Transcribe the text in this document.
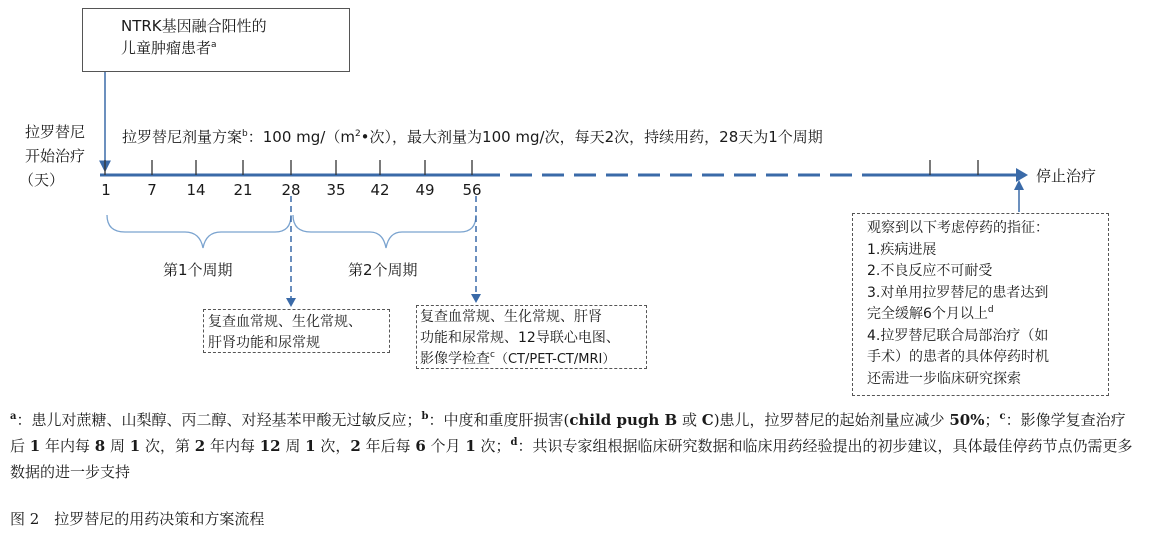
NTRK基因融合阳性的
儿童肿瘤患者$^a$
拉罗替尼
开始治疗
（天）
拉罗替尼剂量方案$^b$：100 $mg/(m^2•$次），最大剂量为100 mg/次，每天2次，持续用药，28天为1个周期
1	7	14	21	28	35	42	49	56
停止治疗
第1个周期	第2个周期
复查血常规、生化常规、
肝肾功能和尿常规
复查血常规、生化常规、肝肾
功能和尿常规、12导联心电图、
影像学检查$^c$（CT/PET-CT/MRI）
观察到以下考虑停药的指征：
1.疾病进展
2.不良反应不可耐受
3.对单用拉罗替尼的患者达到
完全缓解6个月以上$^d$
4.拉罗替尼联合局部治疗（如
手术）的患者的具体停药时机
还需进一步临床研究探索
$^a$：患儿对蔗糖、山梨醇、丙二醇、对羟基苯甲酸无过敏反应；$^b$：中度和重度肝损害(child pugh B 或 C)患儿，拉罗替尼的起始剂量应减少 50%；$^c$：影像学复查治疗后 1 年内每 8 周 1 次，第 2 年内每 12 周 1 次，2 年后每 6 个月 1 次；$^d$：共识专家组根据临床研究数据和临床用药经验提出的初步建议，具体最佳停药节点仍需更多数据的进一步支持
图 2　拉罗替尼的用药决策和方案流程
